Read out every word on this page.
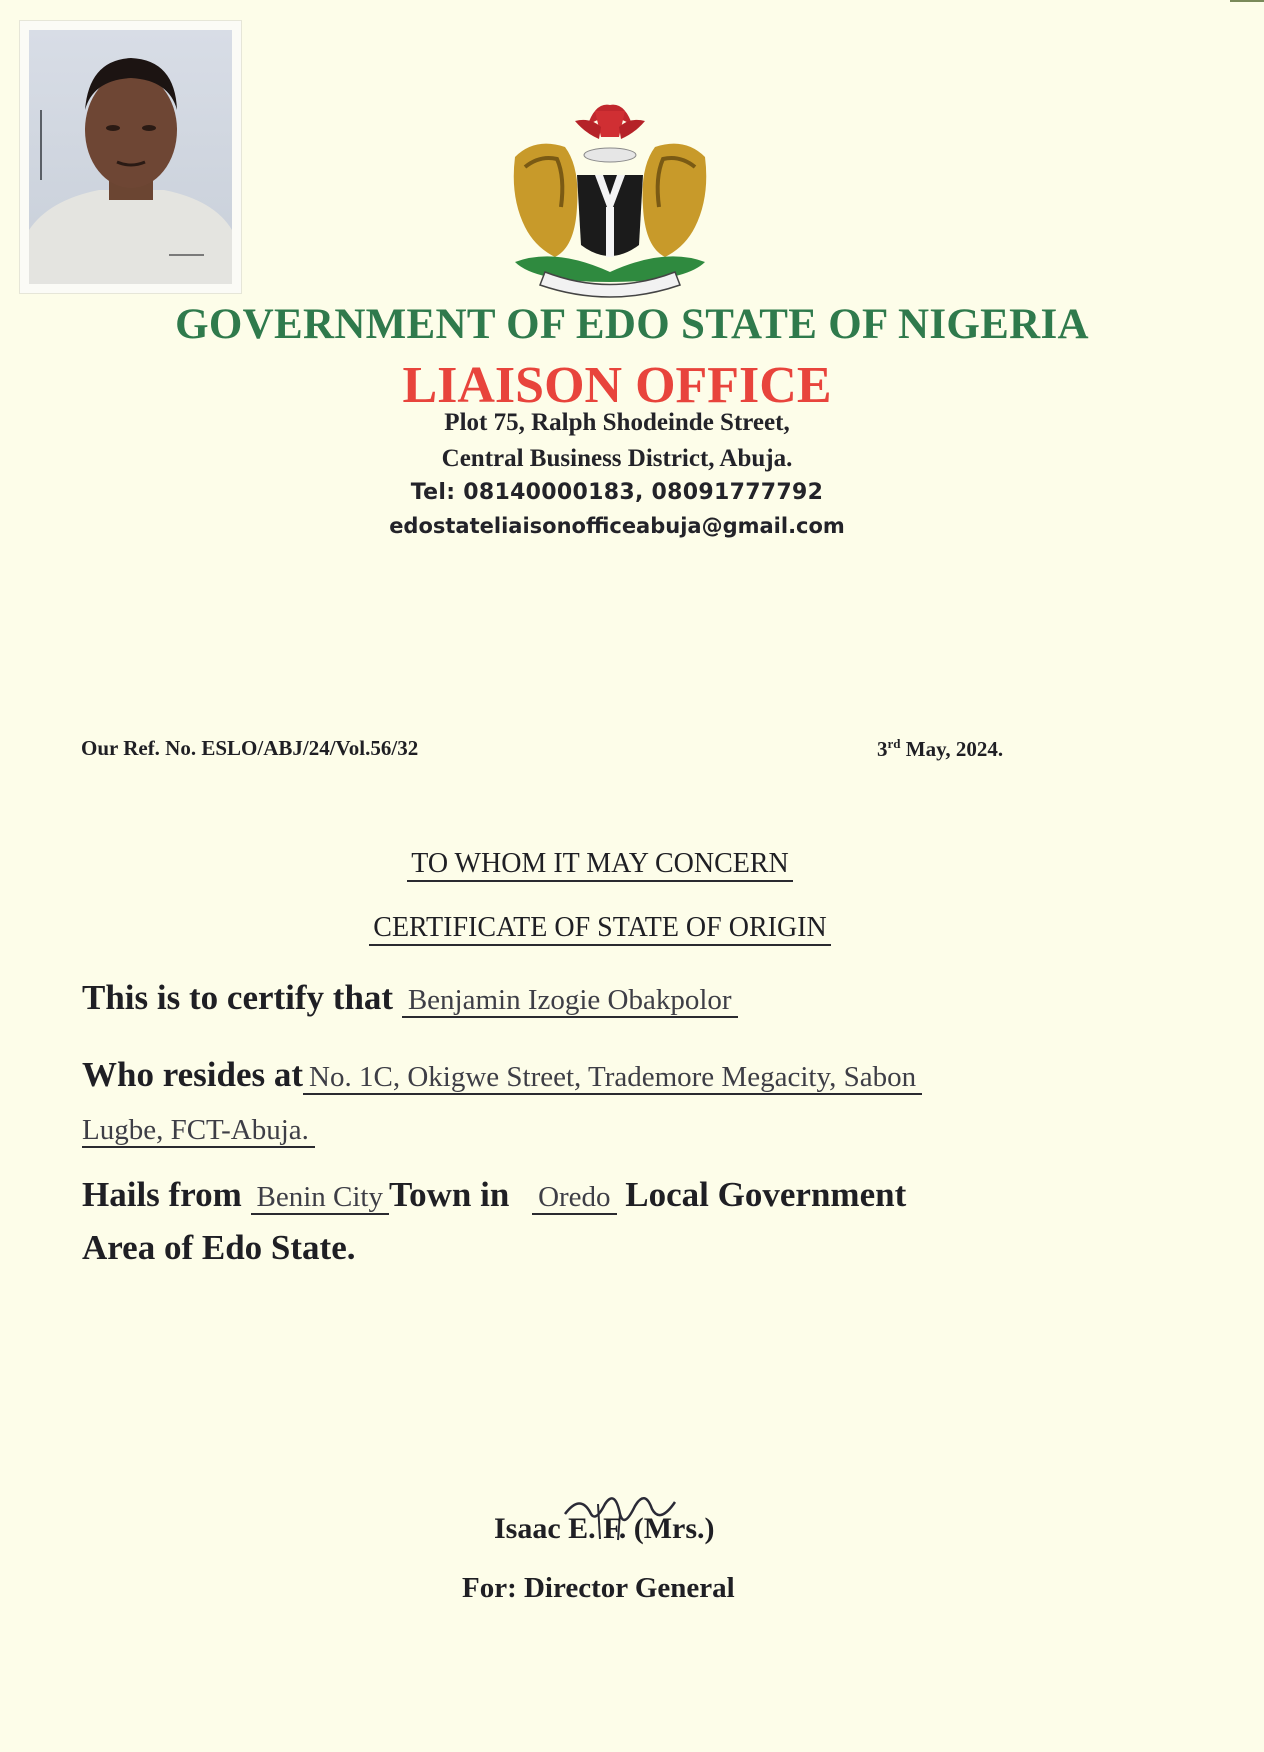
GOVERNMENT OF EDO STATE OF NIGERIA
LIAISON OFFICE

Plot 75, Ralph Shodeinde Street,

Central Business District, Abuja.

Tel: 08140000183, 08091777792

edostateliaisonofficeabuja@gmail.com

Our Ref. No. ESLO/ABJ/24/Vol.56/32	3rd May, 2024.

TO WHOM IT MAY CONCERN

CERTIFICATE OF STATE OF ORIGIN

This is to certify that Benjamin Izogie Obakpolor
Who resides at No. 1C, Okigwe Street, Trademore Megacity, Sabon
Lugbe, FCT-Abuja.
Hails from Benin City Town in Oredo Local Government
Area of Edo State.
Isaac E. F. (Mrs.)
For: Director General
